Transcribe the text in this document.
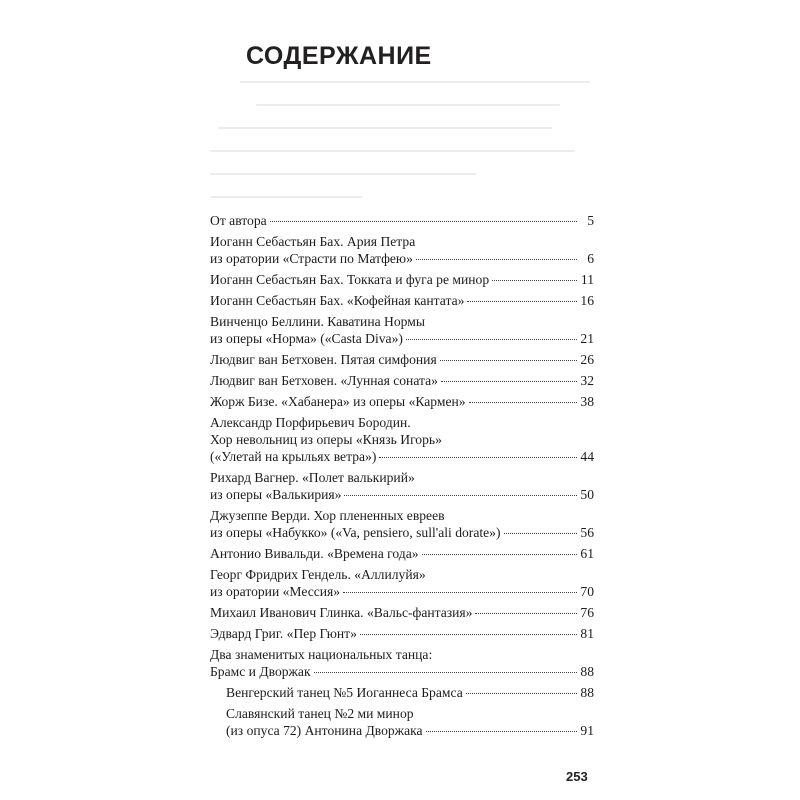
СОДЕРЖАНИЕ
От автора	5
Иоганн Себастьян Бах. Ария Петра
из оратории «Страсти по Матфею»	6
Иоганн Себастьян Бах. Токката и фуга ре минор	11
Иоганн Себастьян Бах. «Кофейная кантата»	16
Винченцо Беллини. Каватина Нормы
из оперы «Норма» («Casta Diva»)	21
Людвиг ван Бетховен. Пятая симфония	26
Людвиг ван Бетховен. «Лунная соната»	32
Жорж Бизе. «Хабанера» из оперы «Кармен»	38
Александр Порфирьевич Бородин.
Хор невольниц из оперы «Князь Игорь»
(«Улетай на крыльях ветра»)	44
Рихард Вагнер. «Полет валькирий»
из оперы «Валькирия»	50
Джузеппе Верди. Хор плененных евреев
из оперы «Набукко» («Va, pensiero, sull'ali dorate»)	56
Антонио Вивальди. «Времена года»	61
Георг Фридрих Гендель. «Аллилуйя»
из оратории «Мессия»	70
Михаил Иванович Глинка. «Вальс-фантазия»	76
Эдвард Григ. «Пер Гюнт»	81
Два знаменитых национальных танца:
Брамс и Дворжак	88
Венгерский танец №5 Иоганнеса Брамса	88
Славянский танец №2 ми минор
(из опуса 72) Антонина Дворжака	91
253
